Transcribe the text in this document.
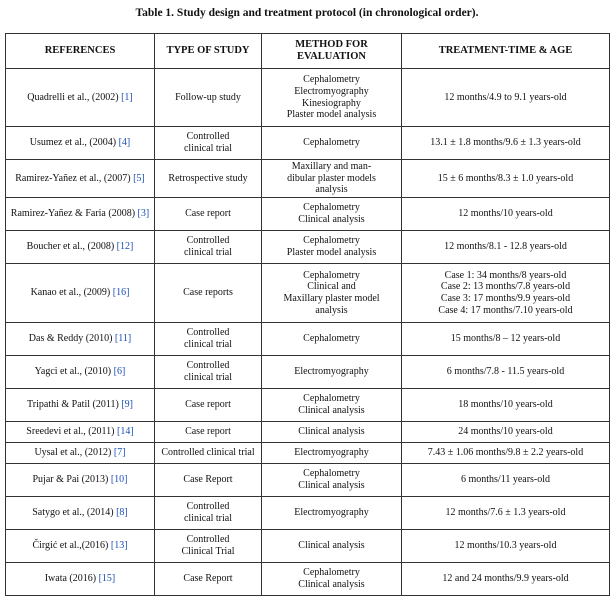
Table 1. Study design and treatment protocol (in chronological order).
REFERENCES	TYPE OF STUDY	METHOD FOR EVALUATION	TREATMENT-TIME & AGE
Quadrelli et al., (2002) [1]	Follow-up study	Cephalometry
Electromyography
Kinesiography
Plaster model analysis	12 months/4.9 to 9.1 years-old

Usumez et al., (2004) [4]	Controlled
clinical trial	Cephalometry	13.1 ± 1.8 months/9.6 ± 1.3 years-old

Ramirez-Yañez et al., (2007) [5]	Retrospective study	Maxillary and man-
dibular plaster models
analysis	15 ± 6 months/8.3 ± 1.0 years-old

Ramirez-Yañez & Faria (2008) [3]	Case report	Cephalometry
Clinical analysis	12 months/10 years-old

Boucher et al., (2008) [12]	Controlled
clinical trial	Cephalometry
Plaster model analysis	12 months/8.1 - 12.8 years-old

Kanao et al., (2009) [16]	Case reports	Cephalometry
Clinical and
Maxillary plaster model
analysis	Case 1: 34 months/8 years-old
Case 2: 13 months/7.8 years-old
Case 3: 17 months/9.9 years-old
Case 4: 17 months/7.10 years-old

Das & Reddy (2010) [11]	Controlled
clinical trial	Cephalometry	15 months/8 – 12 years-old

Yagci et al., (2010) [6]	Controlled
clinical trial	Electromyography	6 months/7.8 - 11.5 years-old

Tripathi & Patil (2011) [9]	Case report	Cephalometry
Clinical analysis	18 months/10 years-old

Sreedevi et al., (2011) [14]	Case report	Clinical analysis	24 months/10 years-old

Uysal et al., (2012) [7]	Controlled clinical trial	Electromyography	7.43 ± 1.06 months/9.8 ± 2.2 years-old

Pujar & Pai (2013) [10]	Case Report	Cephalometry
Clinical analysis	6 months/11 years-old

Satygo et al., (2014) [8]	Controlled
clinical trial	Electromyography	12 months/7.6 ± 1.3 years-old

Čirgić et al.,(2016) [13]	Controlled
Clinical Trial	Clinical analysis	12 months/10.3 years-old

Iwata (2016) [15]	Case Report	Cephalometry
Clinical analysis	12 and 24 months/9.9 years-old
